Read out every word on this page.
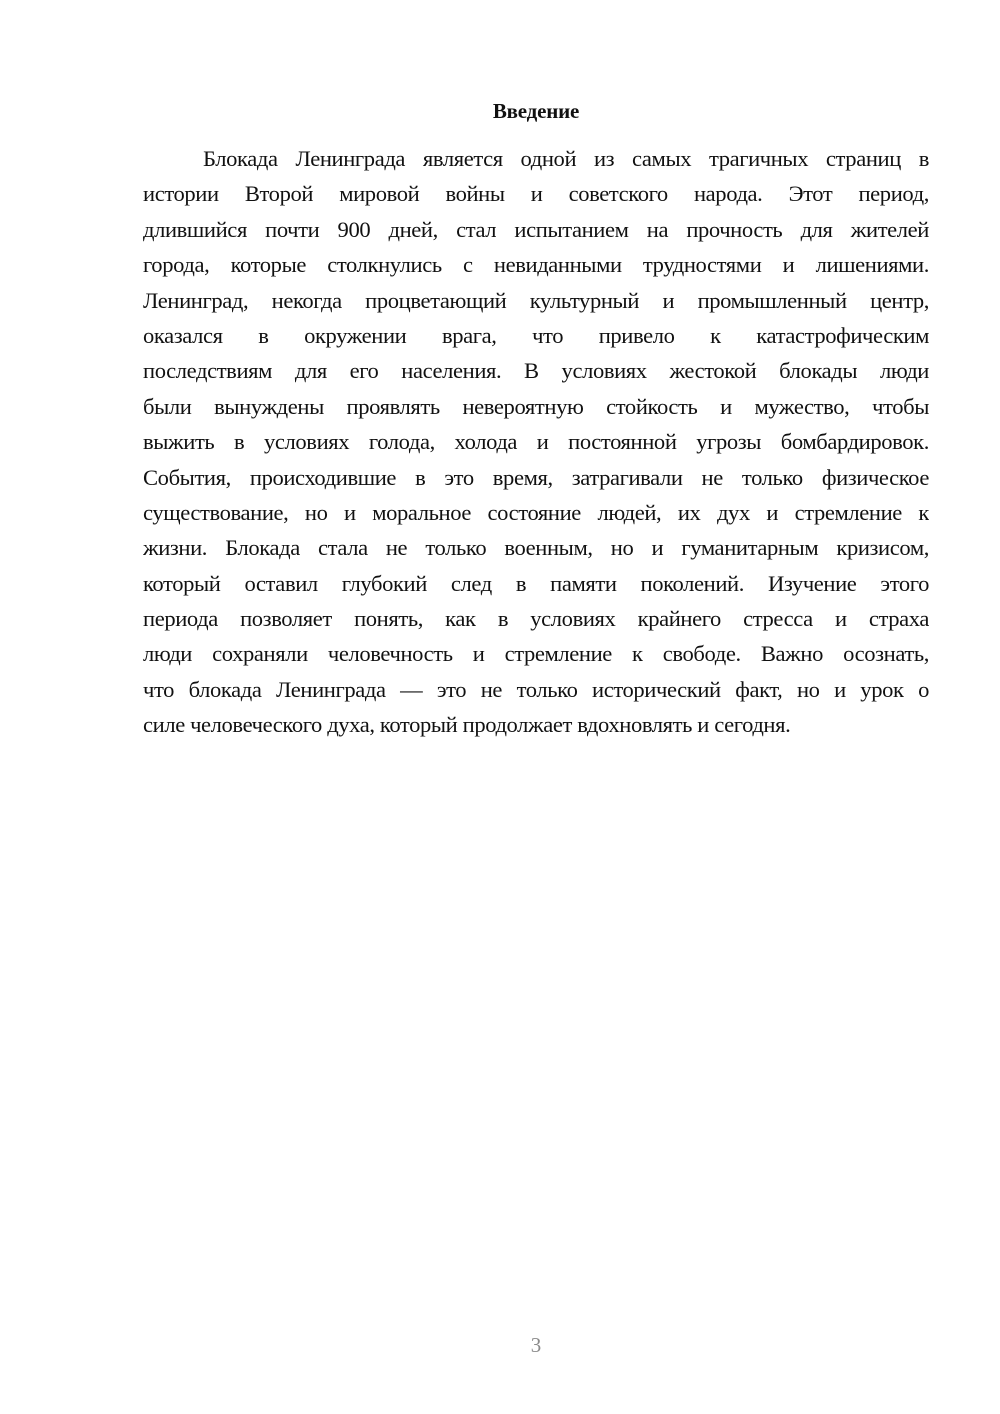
Введение
Блокада Ленинграда является одной из самых трагичных страниц в
истории Второй мировой войны и советского народа. Этот период,
длившийся почти 900 дней, стал испытанием на прочность для жителей
города, которые столкнулись с невиданными трудностями и лишениями.
Ленинград, некогда процветающий культурный и промышленный центр,
оказался в окружении врага, что привело к катастрофическим
последствиям для его населения. В условиях жестокой блокады люди
были вынуждены проявлять невероятную стойкость и мужество, чтобы
выжить в условиях голода, холода и постоянной угрозы бомбардировок.
События, происходившие в это время, затрагивали не только физическое
существование, но и моральное состояние людей, их дух и стремление к
жизни. Блокада стала не только военным, но и гуманитарным кризисом,
который оставил глубокий след в памяти поколений. Изучение этого
периода позволяет понять, как в условиях крайнего стресса и страха
люди сохраняли человечность и стремление к свободе. Важно осознать,
что блокада Ленинграда — это не только исторический факт, но и урок о
силе человеческого духа, который продолжает вдохновлять и сегодня.

3
